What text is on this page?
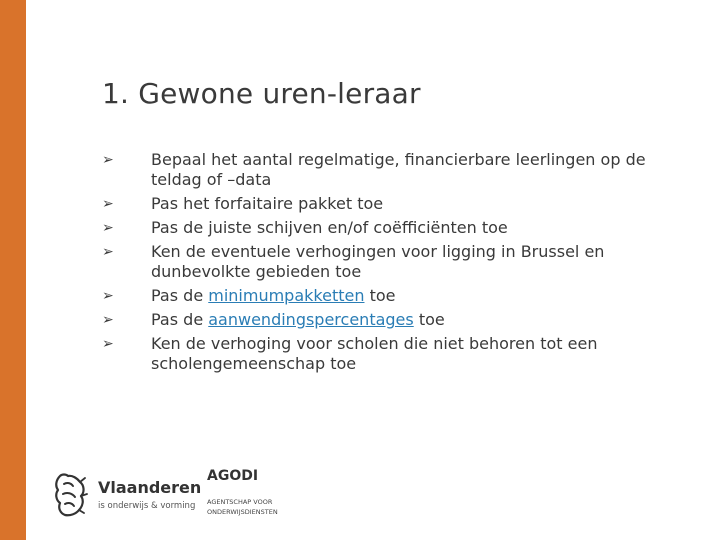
1. Gewone uren-leraar
➢ Bepaal het aantal regelmatige, financierbare leerlingen op de teldag of –data
➢ Pas het forfaitaire pakket toe
➢ Pas de juiste schijven en/of coëfficiënten toe
➢ Ken de eventuele verhogingen voor ligging in Brussel en dunbevolkte gebieden toe
➢ Pas de minimumpakketten toe
➢ Pas de aanwendingspercentages toe
➢ Ken de verhoging voor scholen die niet behoren tot een scholengemeenschap toe
Vlaanderen
is onderwijs & vorming
AGODI
AGENTSCHAP VOOR
ONDERWIJSDIENSTEN
